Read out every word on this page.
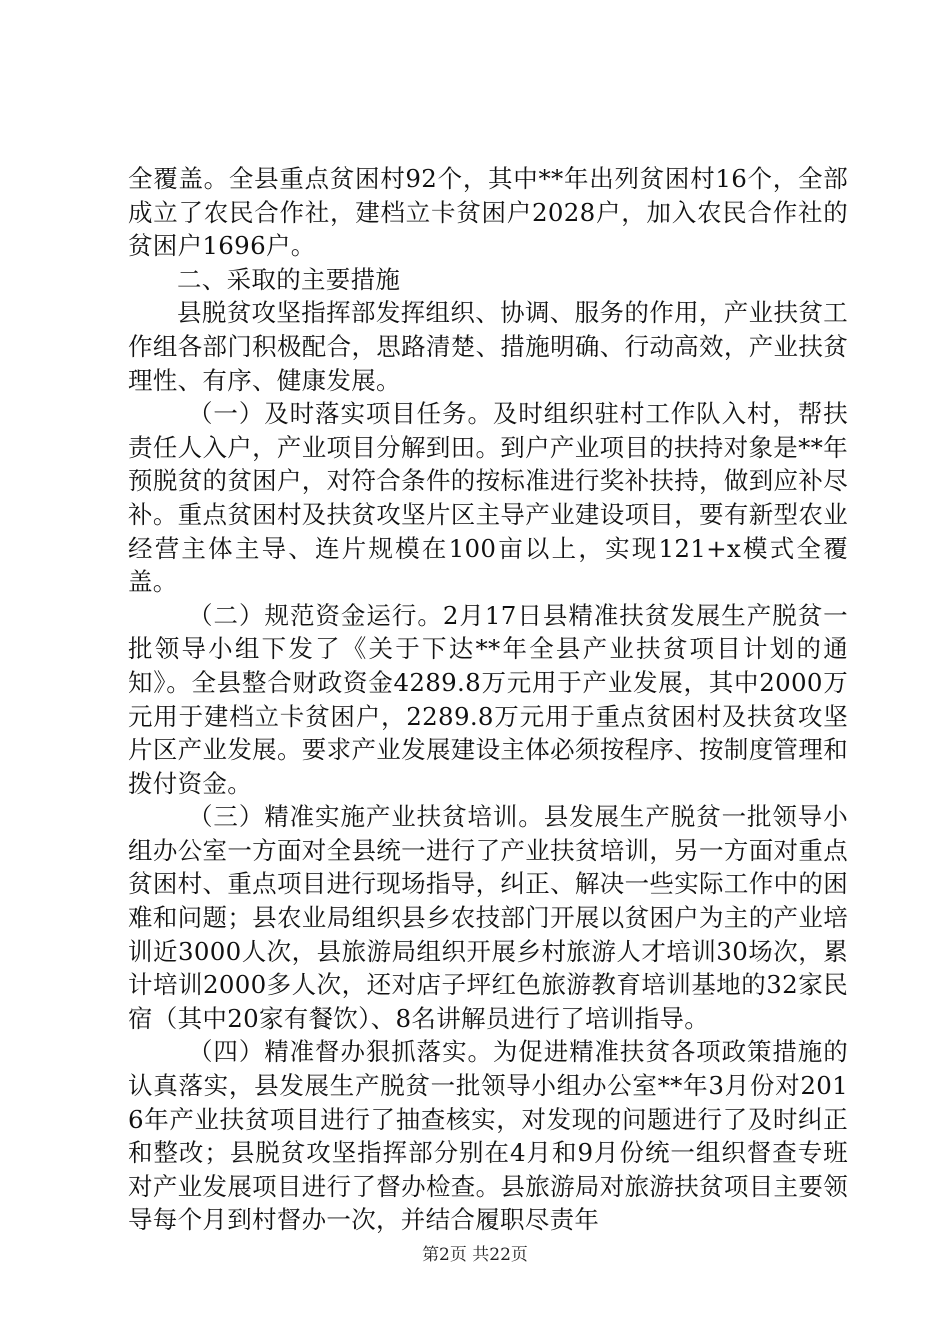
全覆盖。全县重点贫困村92个，其中**年出列贫困村16个，全部成立了农民合作社，建档立卡贫困户2028户，加入农民合作社的贫困户1696户。

二、采取的主要措施

县脱贫攻坚指挥部发挥组织、协调、服务的作用，产业扶贫工作组各部门积极配合，思路清楚、措施明确、行动高效，产业扶贫理性、有序、健康发展。

（一）及时落实项目任务。及时组织驻村工作队入村，帮扶责任人入户，产业项目分解到田。到户产业项目的扶持对象是**年预脱贫的贫困户，对符合条件的按标准进行奖补扶持，做到应补尽补。重点贫困村及扶贫攻坚片区主导产业建设项目，要有新型农业经营主体主导、连片规模在100亩以上，实现121+x模式全覆盖。

（二）规范资金运行。2月17日县精准扶贫发展生产脱贫一批领导小组下发了《关于下达**年全县产业扶贫项目计划的通知》。全县整合财政资金4289.8万元用于产业发展，其中2000万元用于建档立卡贫困户，2289.8万元用于重点贫困村及扶贫攻坚片区产业发展。要求产业发展建设主体必须按程序、按制度管理和拨付资金。

（三）精准实施产业扶贫培训。县发展生产脱贫一批领导小组办公室一方面对全县统一进行了产业扶贫培训，另一方面对重点贫困村、重点项目进行现场指导，纠正、解决一些实际工作中的困难和问题；县农业局组织县乡农技部门开展以贫困户为主的产业培训近3000人次，县旅游局组织开展乡村旅游人才培训30场次，累计培训2000多人次，还对店子坪红色旅游教育培训基地的32家民宿（其中20家有餐饮）、8名讲解员进行了培训指导。

（四）精准督办狠抓落实。为促进精准扶贫各项政策措施的认真落实，县发展生产脱贫一批领导小组办公室**年3月份对2016年产业扶贫项目进行了抽查核实，对发现的问题进行了及时纠正和整改；县脱贫攻坚指挥部分别在4月和9月份统一组织督查专班对产业发展项目进行了督办检查。县旅游局对旅游扶贫项目主要领导每个月到村督办一次，并结合履职尽责年

第2页 共22页
